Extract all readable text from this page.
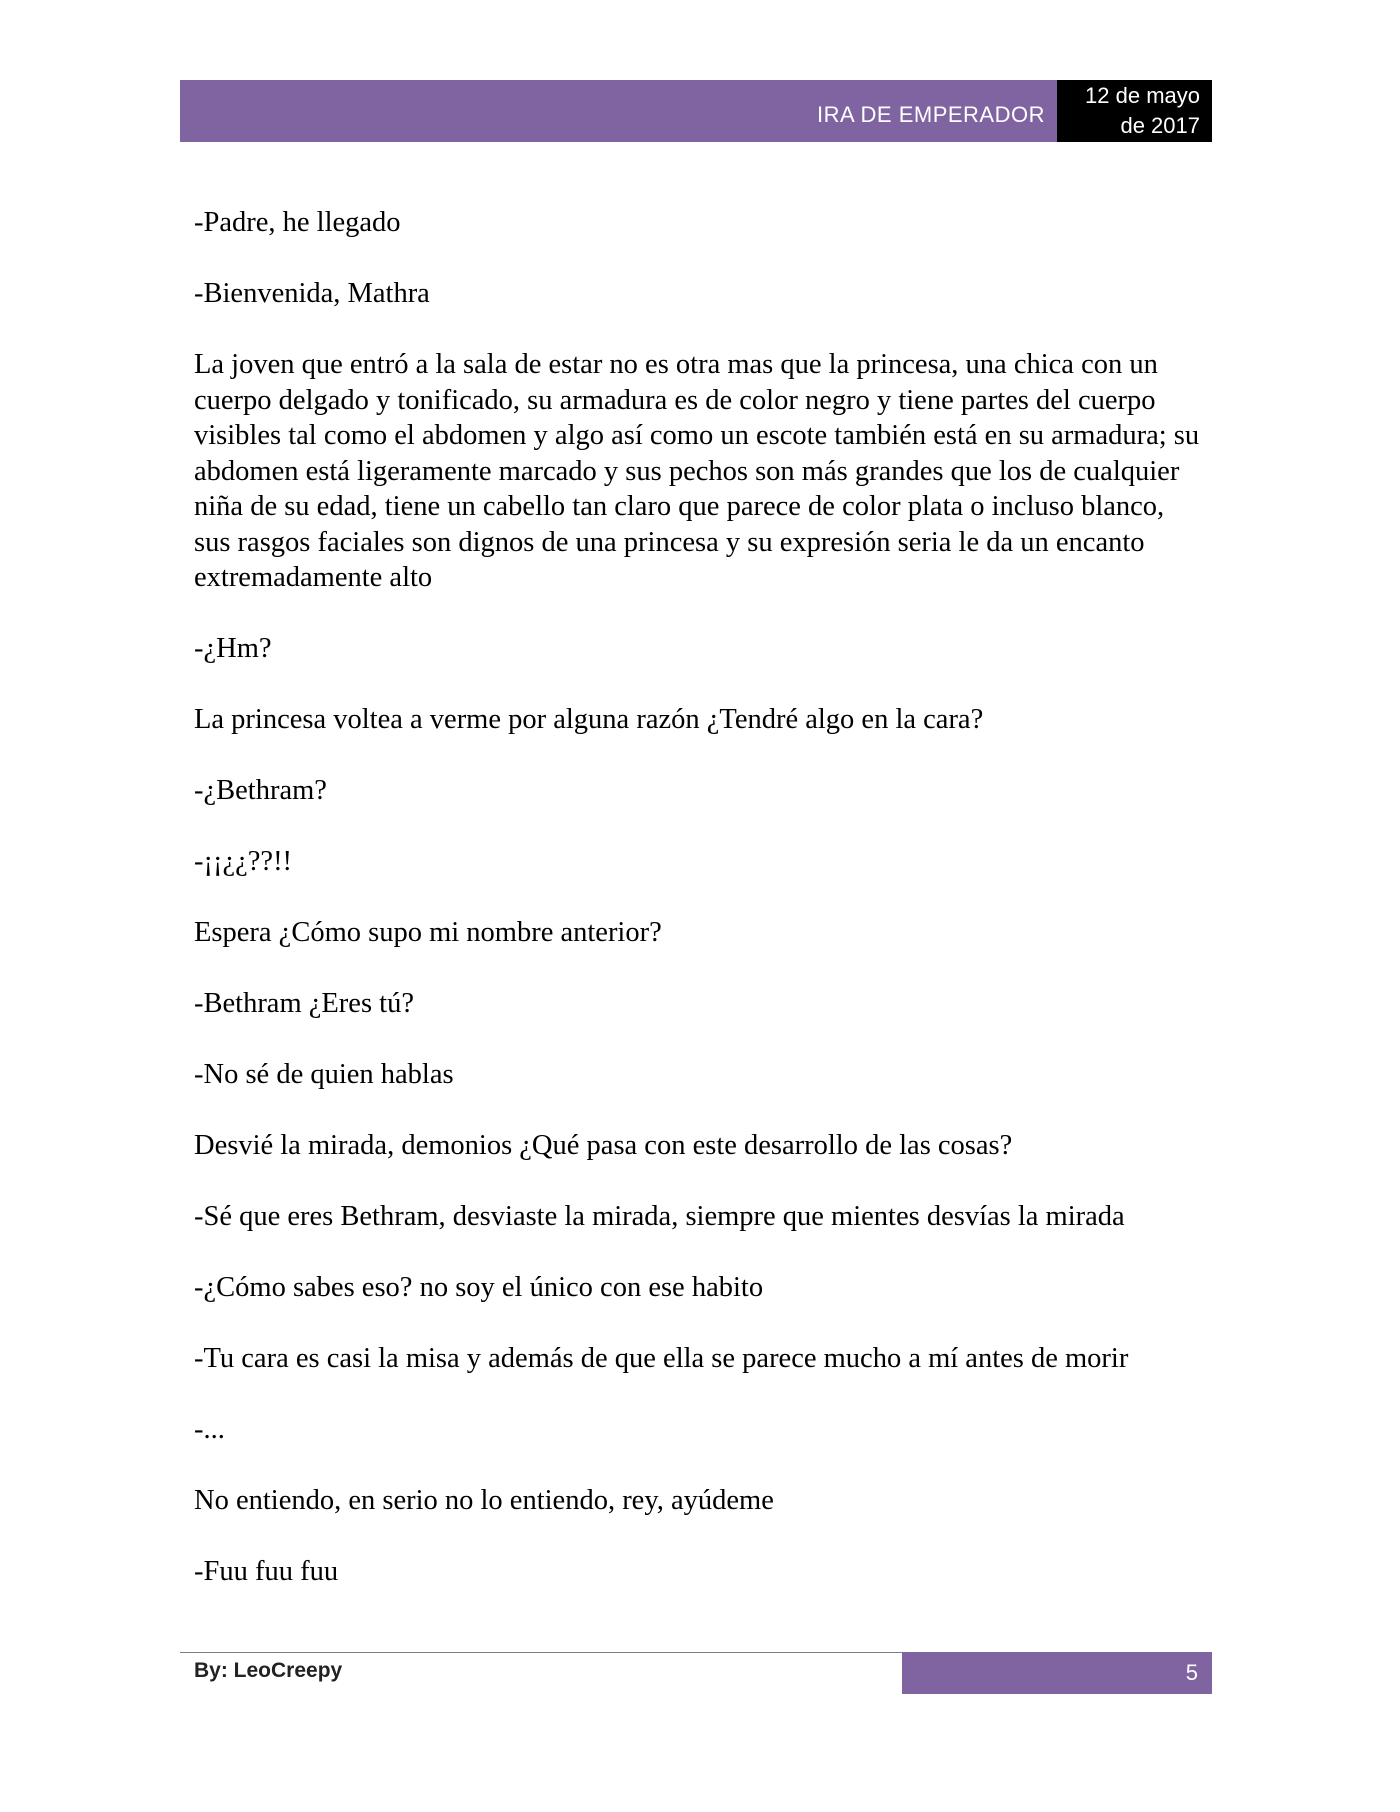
IRA DE EMPERADOR
12 de mayo
de 2017

-Padre, he llegado

-Bienvenida, Mathra

La joven que entró a la sala de estar no es otra mas que la princesa, una chica con un cuerpo delgado y tonificado, su armadura es de color negro y tiene partes del cuerpo visibles tal como el abdomen y algo así como un escote también está en su armadura; su abdomen está ligeramente marcado y sus pechos son más grandes que los de cualquier niña de su edad, tiene un cabello tan claro que parece de color plata o incluso blanco, sus rasgos faciales son dignos de una princesa y su expresión seria le da un encanto extremadamente alto

-¿Hm?

La princesa voltea a verme por alguna razón ¿Tendré algo en la cara?

-¿Bethram?

-¡¡¿¿??!!

Espera ¿Cómo supo mi nombre anterior?

-Bethram ¿Eres tú?

-No sé de quien hablas

Desvié la mirada, demonios ¿Qué pasa con este desarrollo de las cosas?

-Sé que eres Bethram, desviaste la mirada, siempre que mientes desvías la mirada

-¿Cómo sabes eso? no soy el único con ese habito

-Tu cara es casi la misa y además de que ella se parece mucho a mí antes de morir

-...

No entiendo, en serio no lo entiendo, rey, ayúdeme

-Fuu fuu fuu

By: LeoCreepy	5
